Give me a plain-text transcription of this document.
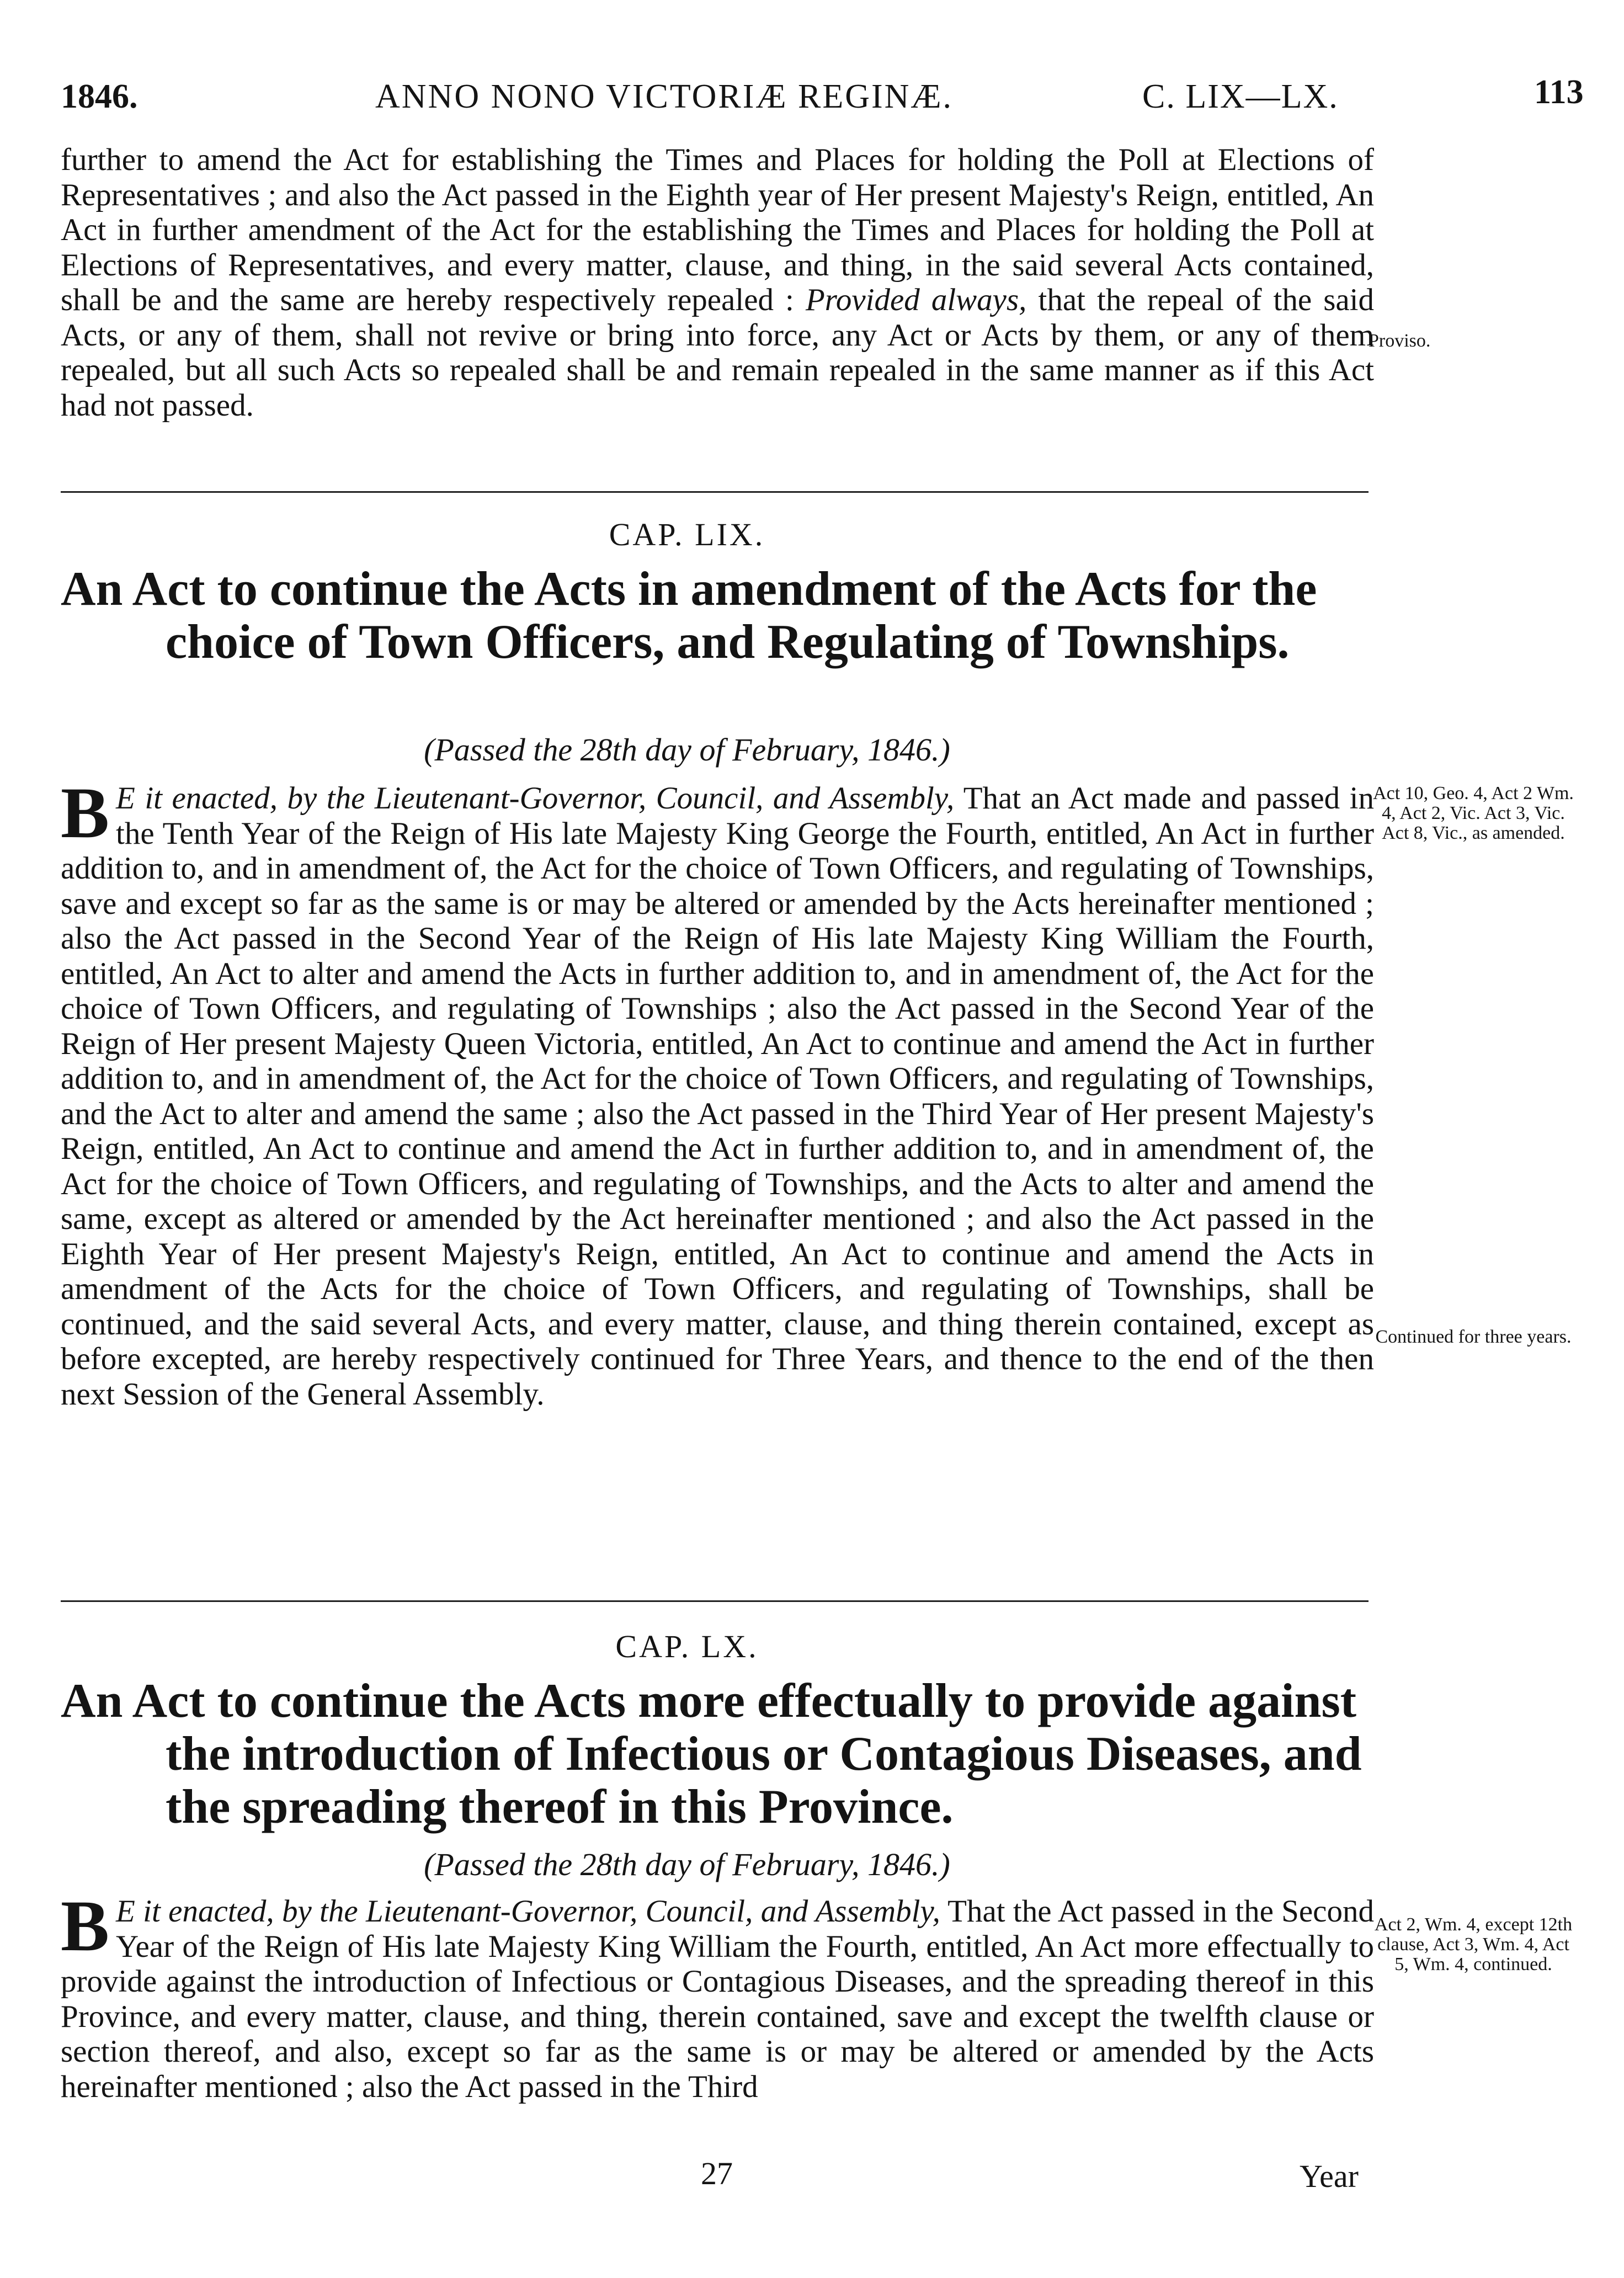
1846.	ANNO NONO VICTORIÆ REGINÆ.	C. LIX—LX.	113
further to amend the Act for establishing the Times and Places for holding the Poll at Elections of Representatives ; and also the Act passed in the Eighth year of Her present Majesty's Reign, entitled, An Act in further amendment of the Act for the establishing the Times and Places for holding the Poll at Elections of Representatives, and every matter, clause, and thing, in the said several Acts contained, shall be and the same are hereby respectively repealed : Provided always, that the repeal of the said Acts, or any of them, shall not revive or bring into force, any Act or Acts by them, or any of them repealed, but all such Acts so repealed shall be and remain repealed in the same manner as if this Act had not passed.
Proviso.
CAP. LIX.
An Act to continue the Acts in amendment of the Acts for the choice of Town Officers, and Regulating of Townships.
(Passed the 28th day of February, 1846.)
B E it enacted, by the Lieutenant-Governor, Council, and Assembly, That an Act made and passed in the Tenth Year of the Reign of His late Majesty King George the Fourth, entitled, An Act in further addition to, and in amendment of, the Act for the choice of Town Officers, and regulating of Townships, save and except so far as the same is or may be altered or amended by the Acts hereinafter mentioned ; also the Act passed in the Second Year of the Reign of His late Majesty King William the Fourth, entitled, An Act to alter and amend the Acts in further addition to, and in amendment of, the Act for the choice of Town Officers, and regulating of Townships ; also the Act passed in the Second Year of the Reign of Her present Majesty Queen Victoria, entitled, An Act to continue and amend the Act in further addition to, and in amendment of, the Act for the choice of Town Officers, and regulating of Townships, and the Act to alter and amend the same ; also the Act passed in the Third Year of Her present Majesty's Reign, entitled, An Act to continue and amend the Act in further addition to, and in amendment of, the Act for the choice of Town Officers, and regulating of Townships, and the Acts to alter and amend the same, except as altered or amended by the Act hereinafter mentioned ; and also the Act passed in the Eighth Year of Her present Majesty's Reign, entitled, An Act to continue and amend the Acts in amendment of the Acts for the choice of Town Officers, and regulating of Townships, shall be continued, and the said several Acts, and every matter, clause, and thing therein contained, except as before excepted, are hereby respectively continued for Three Years, and thence to the end of the then next Session of the General Assembly.
Act 10, Geo. 4, Act 2 Wm. 4, Act 2, Vic. Act 3, Vic. Act 8, Vic., as amended.
Continued for three years.
CAP. LX.
An Act to continue the Acts more effectually to provide against the introduction of Infectious or Contagious Diseases, and the spreading thereof in this Province.
(Passed the 28th day of February, 1846.)
B E it enacted, by the Lieutenant-Governor, Council, and Assembly, That the Act passed in the Second Year of the Reign of His late Majesty King William the Fourth, entitled, An Act more effectually to provide against the introduction of Infectious or Contagious Diseases, and the spreading thereof in this Province, and every matter, clause, and thing, therein contained, save and except the twelfth clause or section thereof, and also, except so far as the same is or may be altered or amended by the Acts hereinafter mentioned ; also the Act passed in the Third
Act 2, Wm. 4, except 12th clause, Act 3, Wm. 4, Act 5, Wm. 4, continued.
27	Year
